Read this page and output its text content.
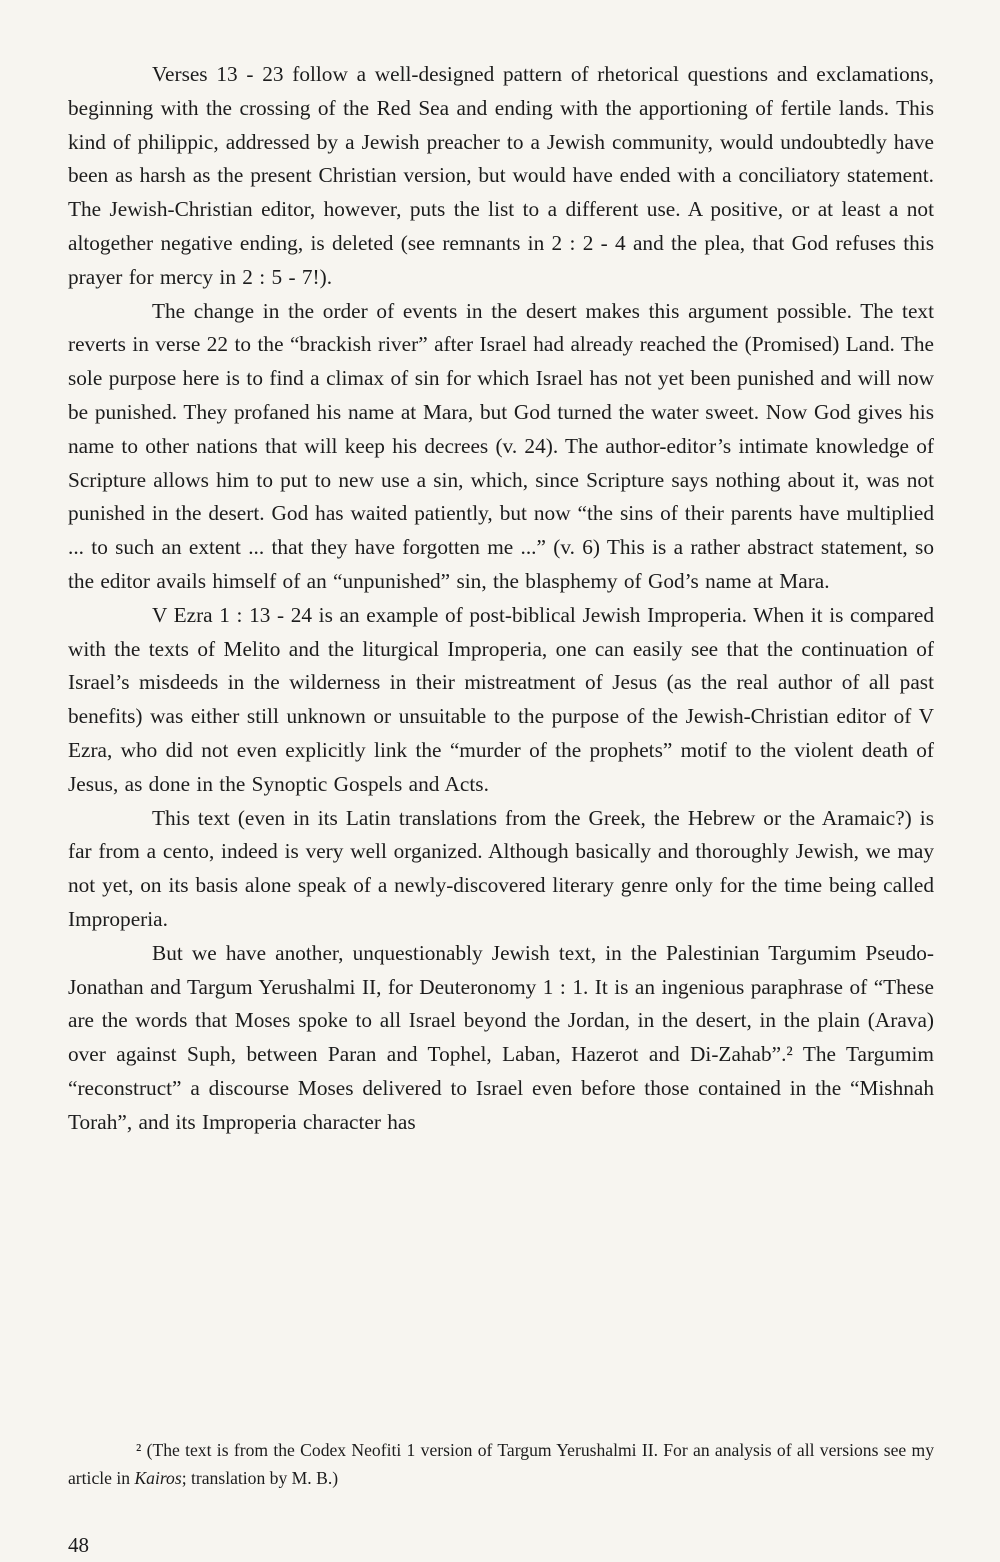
Verses 13 - 23 follow a well-designed pattern of rhetorical questions and exclamations, beginning with the crossing of the Red Sea and ending with the apportioning of fertile lands. This kind of philippic, addressed by a Jewish preacher to a Jewish community, would undoubtedly have been as harsh as the present Christian version, but would have ended with a conciliatory statement. The Jewish-Christian editor, however, puts the list to a different use. A positive, or at least a not altogether negative ending, is deleted (see remnants in 2 : 2 - 4 and the plea, that God refuses this prayer for mercy in 2 : 5 - 7!).

The change in the order of events in the desert makes this argument possible. The text reverts in verse 22 to the “brackish river” after Israel had already reached the (Promised) Land. The sole purpose here is to find a climax of sin for which Israel has not yet been punished and will now be punished. They profaned his name at Mara, but God turned the water sweet. Now God gives his name to other nations that will keep his decrees (v. 24). The author-editor’s intimate knowledge of Scripture allows him to put to new use a sin, which, since Scripture says nothing about it, was not punished in the desert. God has waited patiently, but now “the sins of their parents have multiplied ... to such an extent ... that they have forgotten me ...” (v. 6) This is a rather abstract statement, so the editor avails himself of an “unpunished” sin, the blasphemy of God’s name at Mara.

V Ezra 1 : 13 - 24 is an example of post-biblical Jewish Improperia. When it is compared with the texts of Melito and the liturgical Improperia, one can easily see that the continuation of Israel’s misdeeds in the wilderness in their mistreatment of Jesus (as the real author of all past benefits) was either still unknown or unsuitable to the purpose of the Jewish-Christian editor of V Ezra, who did not even explicitly link the “murder of the prophets” motif to the violent death of Jesus, as done in the Synoptic Gospels and Acts.

This text (even in its Latin translations from the Greek, the Hebrew or the Aramaic?) is far from a cento, indeed is very well organized. Although basically and thoroughly Jewish, we may not yet, on its basis alone speak of a newly-discovered literary genre only for the time being called Improperia.

But we have another, unquestionably Jewish text, in the Palestinian Targumim Pseudo-Jonathan and Targum Yerushalmi II, for Deuteronomy 1 : 1. It is an ingenious paraphrase of “These are the words that Moses spoke to all Israel beyond the Jordan, in the desert, in the plain (Arava) over against Suph, between Paran and Tophel, Laban, Hazerot and Di-Zahab”.² The Targumim “reconstruct” a discourse Moses delivered to Israel even before those contained in the “Mishnah Torah”, and its Improperia character has

² (The text is from the Codex Neofiti 1 version of Targum Yerushalmi II. For an analysis of all versions see my article in Kairos; translation by M. B.)

48
